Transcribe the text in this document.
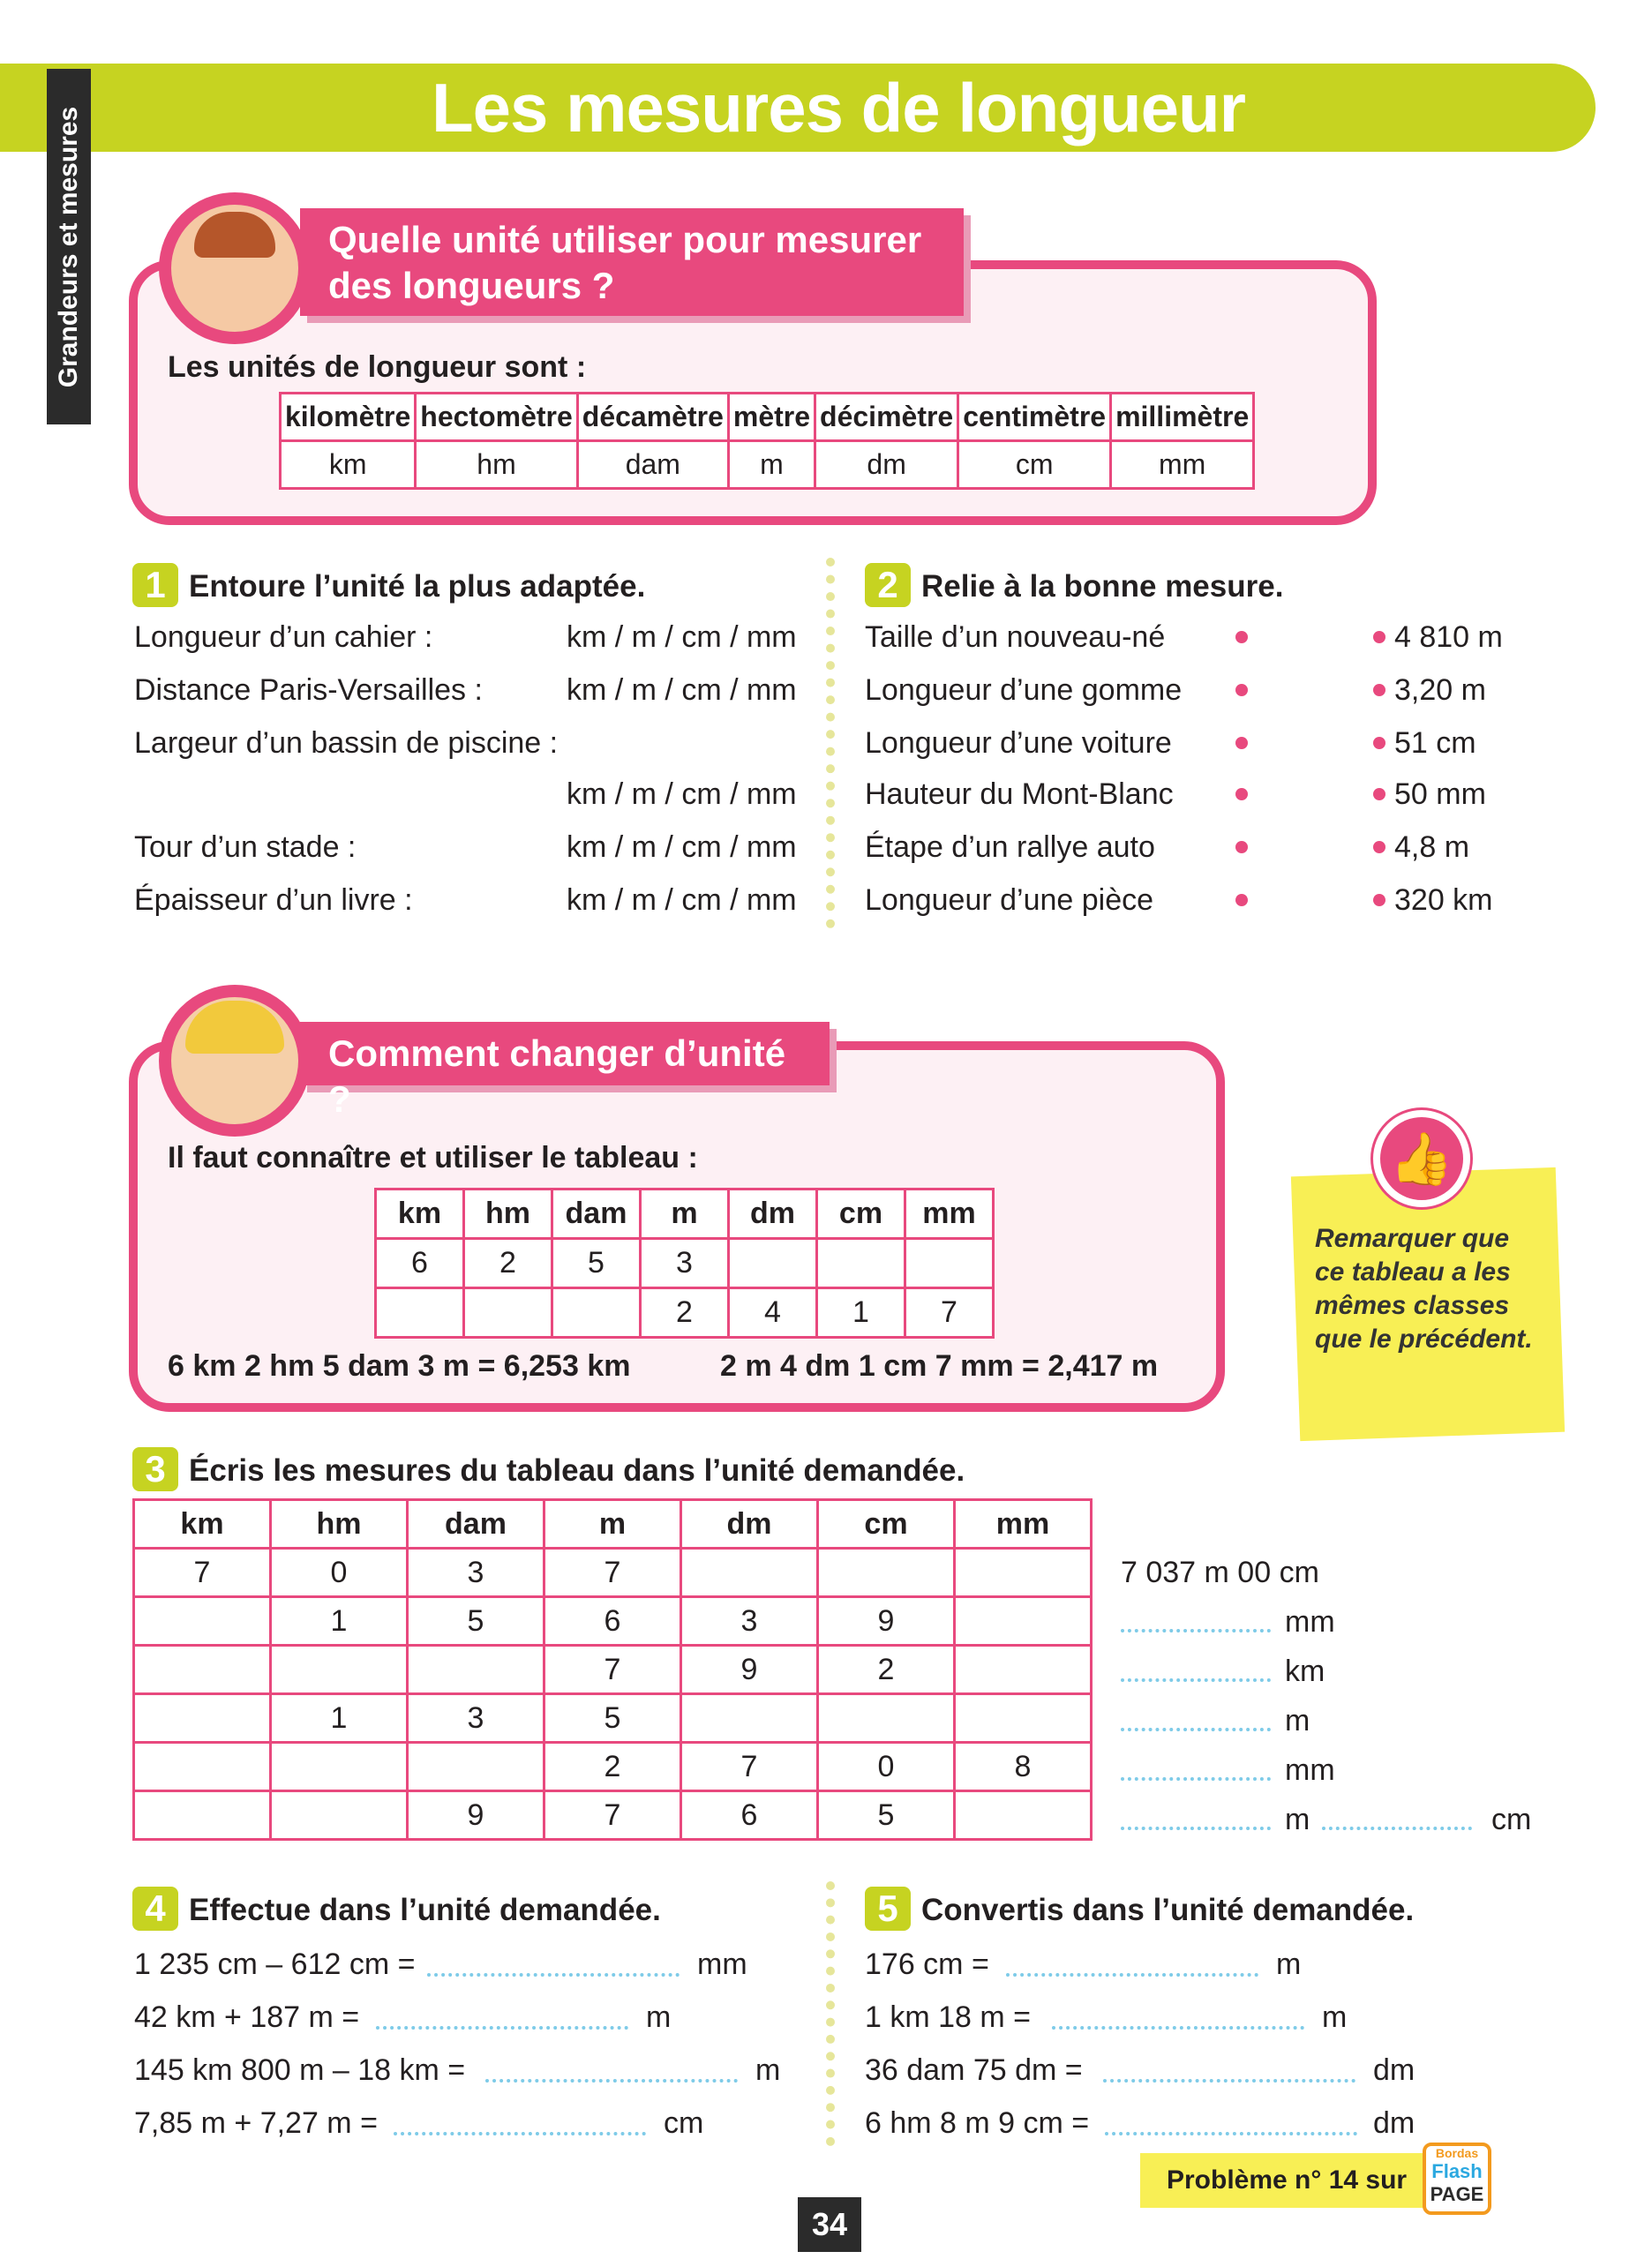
Les mesures de longueur
Grandeurs et mesures	Quelle unité utiliser pour mesurer des longueurs ?
Les unités de longueur sont :
kilomètre	hectomètre	décamètre	mètre	décimètre	centimètre	millimètre
km	hm	dam	m	dm	cm	mm
1 Entoure l’unité la plus adaptée.
Longueur d’un cahier :	km / m / cm / mm
Distance Paris-Versailles :	km / m / cm / mm
Largeur d’un bassin de piscine :
km / m / cm / mm
Tour d’un stade :	km / m / cm / mm
Épaisseur d’un livre :	km / m / cm / mm
2 Relie à la bonne mesure.
Taille d’un nouveau-né	4 810 m
Longueur d’une gomme	3,20 m
Longueur d’une voiture	51 cm
Hauteur du Mont-Blanc	50 mm
Étape d’un rallye auto	4,8 m
Longueur d’une pièce	320 km
Comment changer d’unité ?
Il faut connaître et utiliser le tableau :
km	hm	dam	m	dm	cm	mm
6	2	5	3			
			2	4	1	7
6 km 2 hm 5 dam 3 m = 6,253 km	2 m 4 dm 1 cm 7 mm = 2,417 m
Remarquer que ce tableau a les mêmes classes que le précédent.
👍
3 Écris les mesures du tableau dans l’unité demandée.
km	hm	dam	m	dm	cm	mm
7	0	3	7			
	1	5	6	3	9	
			7	9	2	
	1	3	5			
			2	7	0	8
		9	7	6	5	
7 037 m 00 cm
mm
km
m
mm
m	cm
4 Effectue dans l’unité demandée.
1 235 cm – 612 cm =	mm
42 km + 187 m =	m
145 km 800 m – 18 km =	m
7,85 m + 7,27 m =	cm
5 Convertis dans l’unité demandée.
176 cm =	m
1 km 18 m =	m
36 dam 75 dm =	dm
6 hm 8 m 9 cm =	dm
34
Problème n° 14 sur
Bordas
Flash
PAGE
